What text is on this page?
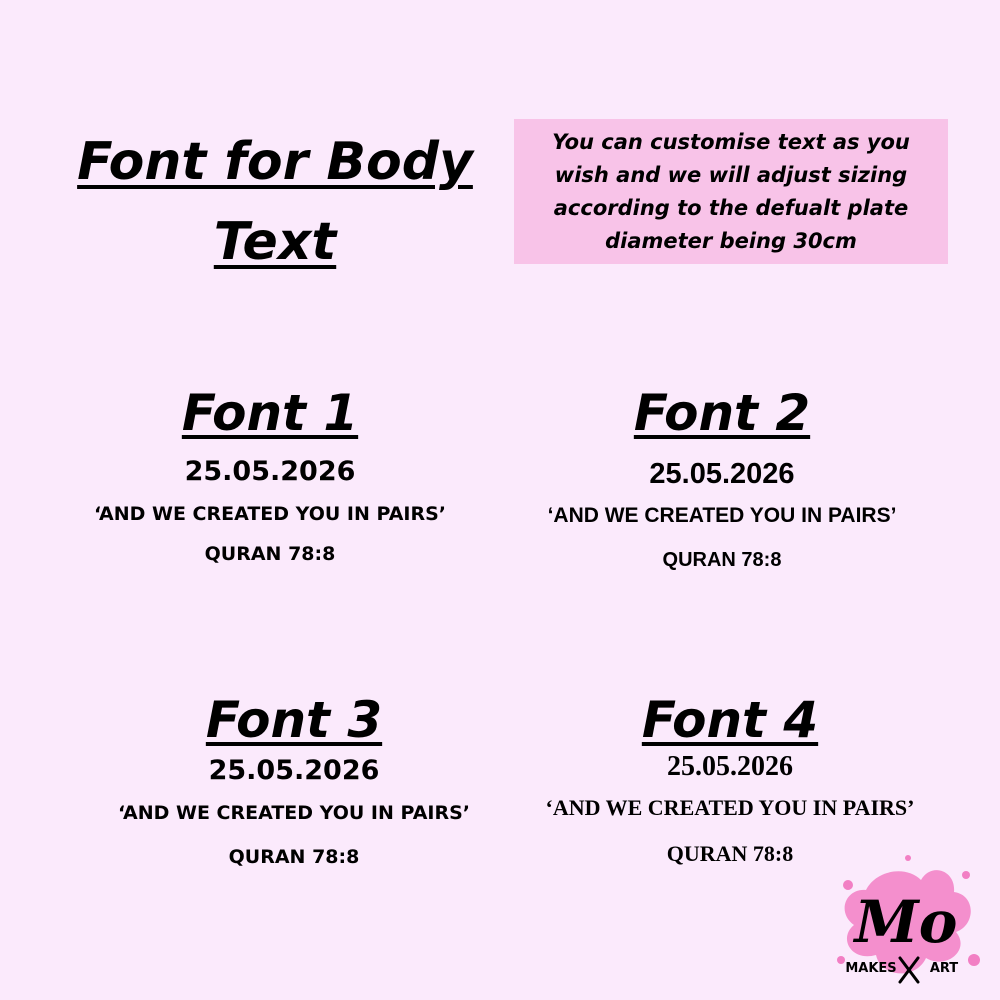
Font for Body
Text
You can customise text as you wish and we will adjust sizing according to the defualt plate diameter being 30cm
Font 1
25.05.2026
‘AND WE CREATED YOU IN PAIRS’
QURAN 78:8
Font 2
25.05.2026
‘AND WE CREATED YOU IN PAIRS’
QURAN 78:8
Font 3
25.05.2026
‘AND WE CREATED YOU IN PAIRS’
QURAN 78:8
Font 4
25.05.2026
‘AND WE CREATED YOU IN PAIRS’
QURAN 78:8
Mo
MAKES	ART
